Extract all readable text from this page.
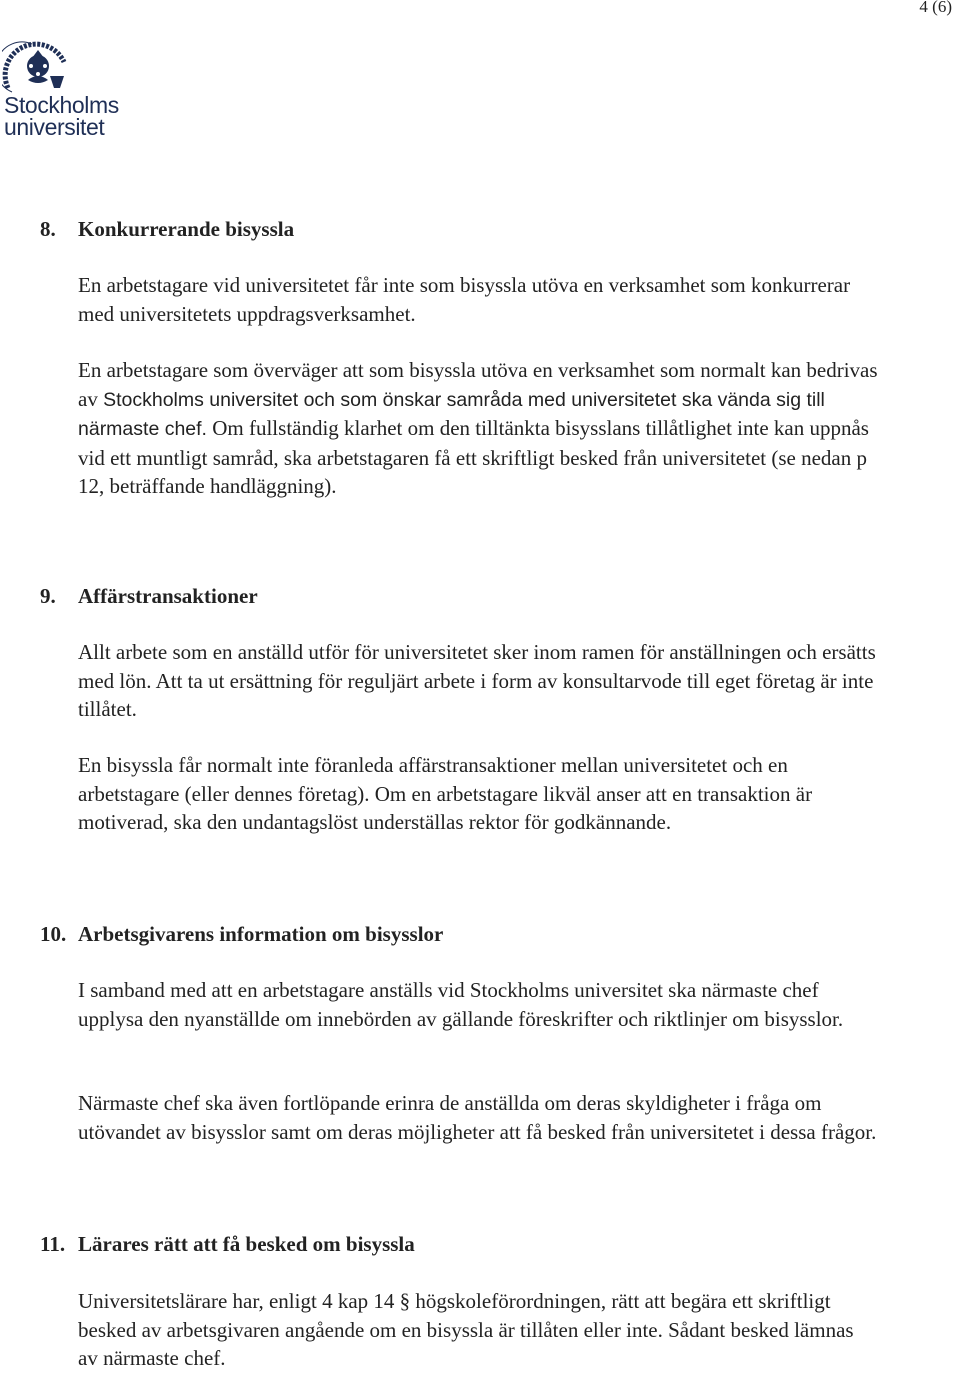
4 (6)
Stockholms
universitet
8. Konkurrerande bisyssla
En arbetstagare vid universitetet får inte som bisyssla utöva en verksamhet som konkurrerar med universitetets uppdragsverksamhet.
En arbetstagare som överväger att som bisyssla utöva en verksamhet som normalt kan bedrivas av Stockholms universitet och som önskar samråda med universitetet ska vända sig till närmaste chef. Om fullständig klarhet om den tilltänkta bisysslans tillåtlighet inte kan uppnås vid ett muntligt samråd, ska arbetstagaren få ett skriftligt besked från universitetet (se nedan p 12, beträffande handläggning).
9. Affärstransaktioner
Allt arbete som en anställd utför för universitetet sker inom ramen för anställningen och ersätts med lön. Att ta ut ersättning för reguljärt arbete i form av konsultarvode till eget företag är inte tillåtet.
En bisyssla får normalt inte föranleda affärstransaktioner mellan universitetet och en arbetstagare (eller dennes företag). Om en arbetstagare likväl anser att en transaktion är motiverad, ska den undantagslöst underställas rektor för godkännande.
10. Arbetsgivarens information om bisysslor
I samband med att en arbetstagare anställs vid Stockholms universitet ska närmaste chef upplysa den nyanställde om innebörden av gällande föreskrifter och riktlinjer om bisysslor.
Närmaste chef ska även fortlöpande erinra de anställda om deras skyldigheter i fråga om utövandet av bisysslor samt om deras möjligheter att få besked från universitetet i dessa frågor.
11. Lärares rätt att få besked om bisyssla
Universitetslärare har, enligt 4 kap 14 § högskoleförordningen, rätt att begära ett skriftligt besked av arbetsgivaren angående om en bisyssla är tillåten eller inte. Sådant besked lämnas av närmaste chef.
